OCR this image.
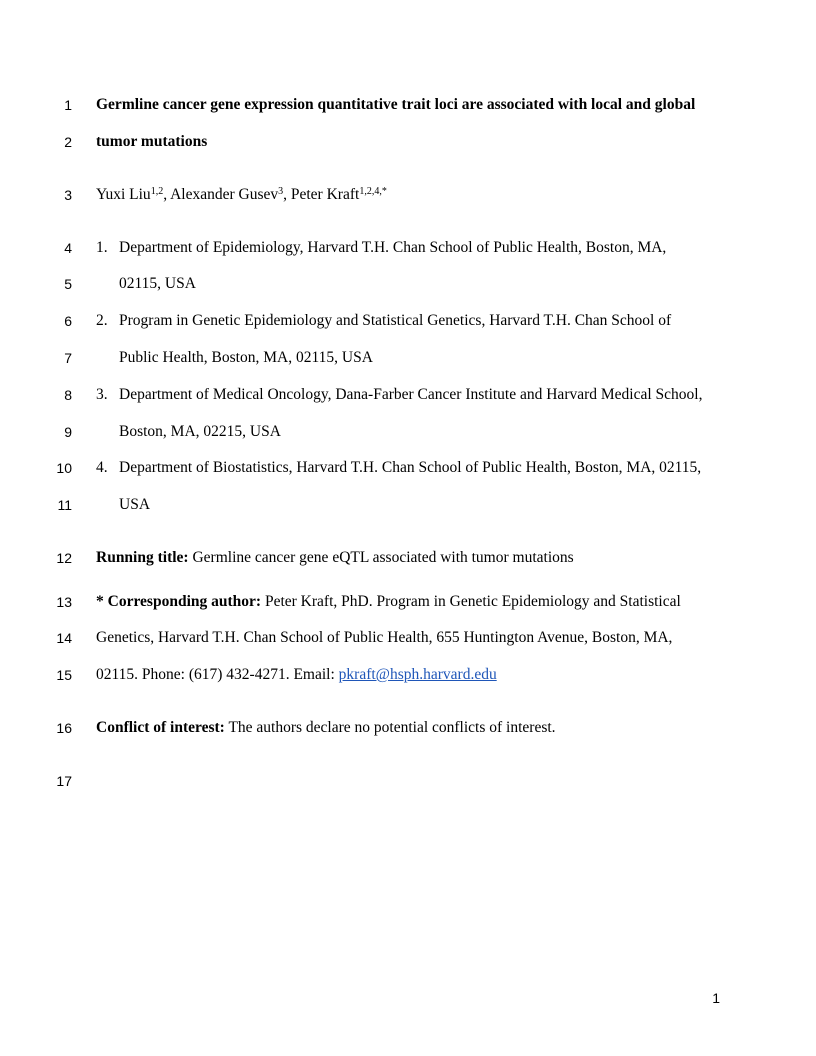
1
2
3
4
5
6
7
8
9
10
11
12
13
14
15
16
17
Germline cancer gene expression quantitative trait loci are associated with local and global
tumor mutations
Yuxi Liu$^{1,2}$, Alexander Gusev$^3$, Peter Kraft$^{1,2,4,*}$
1. Department of Epidemiology, Harvard T.H. Chan School of Public Health, Boston, MA,
02115, USA
2. Program in Genetic Epidemiology and Statistical Genetics, Harvard T.H. Chan School of
Public Health, Boston, MA, 02115, USA
3. Department of Medical Oncology, Dana-Farber Cancer Institute and Harvard Medical School,
Boston, MA, 02215, USA
4. Department of Biostatistics, Harvard T.H. Chan School of Public Health, Boston, MA, 02115,
USA
Running title: Germline cancer gene eQTL associated with tumor mutations
* Corresponding author: Peter Kraft, PhD. Program in Genetic Epidemiology and Statistical
Genetics, Harvard T.H. Chan School of Public Health, 655 Huntington Avenue, Boston, MA,
02115. Phone: (617) 432-4271. Email: pkraft@hsph.harvard.edu
Conflict of interest: The authors declare no potential conflicts of interest.
1
